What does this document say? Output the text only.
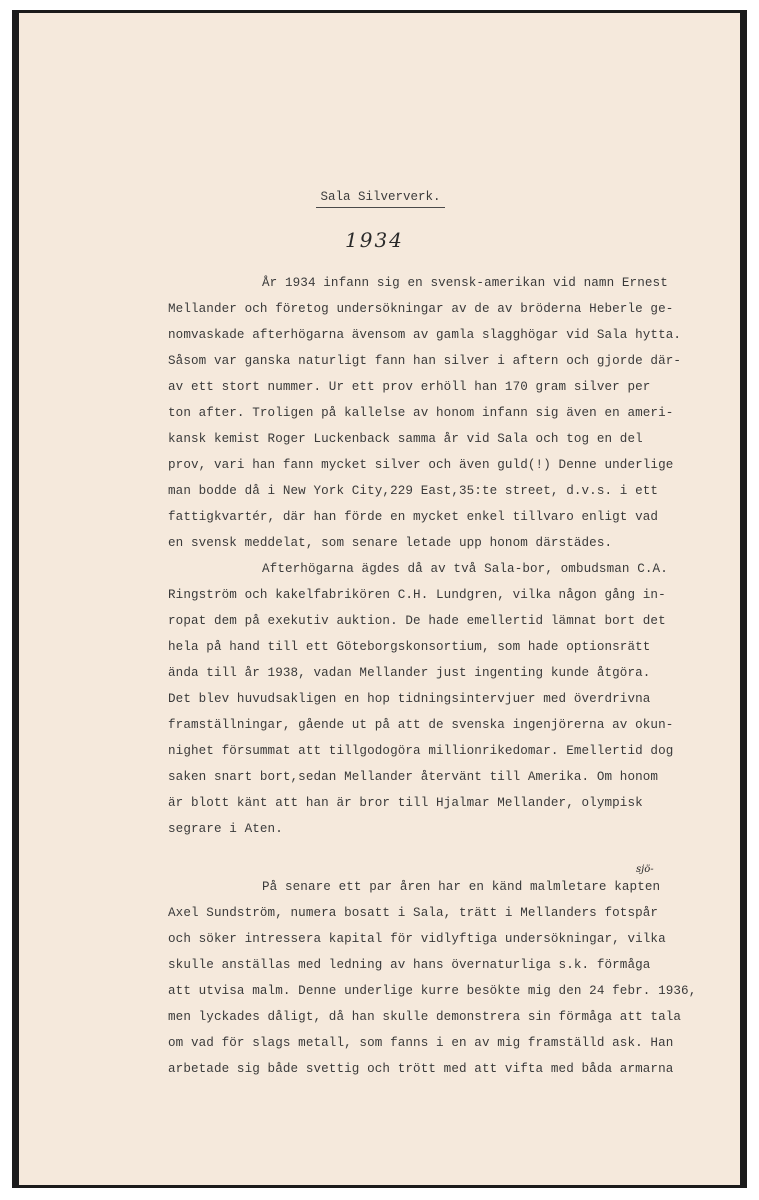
Sala Silververk.
1934
sjö-
År 1934 infann sig en svensk-amerikan vid namn Ernest
Mellander och företog undersökningar av de av bröderna Heberle ge-
nomvaskade afterhögarna ävensom av gamla slagghögar vid Sala hytta.
Såsom var ganska naturligt fann han silver i aftern och gjorde där-
av ett stort nummer. Ur ett prov erhöll han 170 gram silver per
ton after. Troligen på kallelse av honom infann sig även en ameri-
kansk kemist Roger Luckenback samma år vid Sala och tog en del
prov, vari han fann mycket silver och även guld(!) Denne underlige
man bodde då i New York City,229 East,35:te street, d.v.s. i ett
fattigkvartér, där han förde en mycket enkel tillvaro enligt vad
en svensk meddelat, som senare letade upp honom därstädes.
Afterhögarna ägdes då av två Sala-bor, ombudsman C.A.
Ringström och kakelfabrikören C.H. Lundgren, vilka någon gång in-
ropat dem på exekutiv auktion. De hade emellertid lämnat bort det
hela på hand till ett Göteborgskonsortium, som hade optionsrätt
ända till år 1938, vadan Mellander just ingenting kunde åtgöra.
Det blev huvudsakligen en hop tidningsintervjuer med överdrivna
framställningar, gående ut på att de svenska ingenjörerna av okun-
nighet försummat att tillgodogöra millionrikedomar. Emellertid dog
saken snart bort,sedan Mellander återvänt till Amerika. Om honom
är blott känt att han är bror till Hjalmar Mellander, olympisk
segrare i Aten.
På senare ett par åren har en känd malmletare kapten
Axel Sundström, numera bosatt i Sala, trätt i Mellanders fotspår
och söker intressera kapital för vidlyftiga undersökningar, vilka
skulle anställas med ledning av hans övernaturliga s.k. förmåga
att utvisa malm. Denne underlige kurre besökte mig den 24 febr. 1936,
men lyckades dåligt, då han skulle demonstrera sin förmåga att tala
om vad för slags metall, som fanns i en av mig framställd ask. Han
arbetade sig både svettig och trött med att vifta med båda armarna
